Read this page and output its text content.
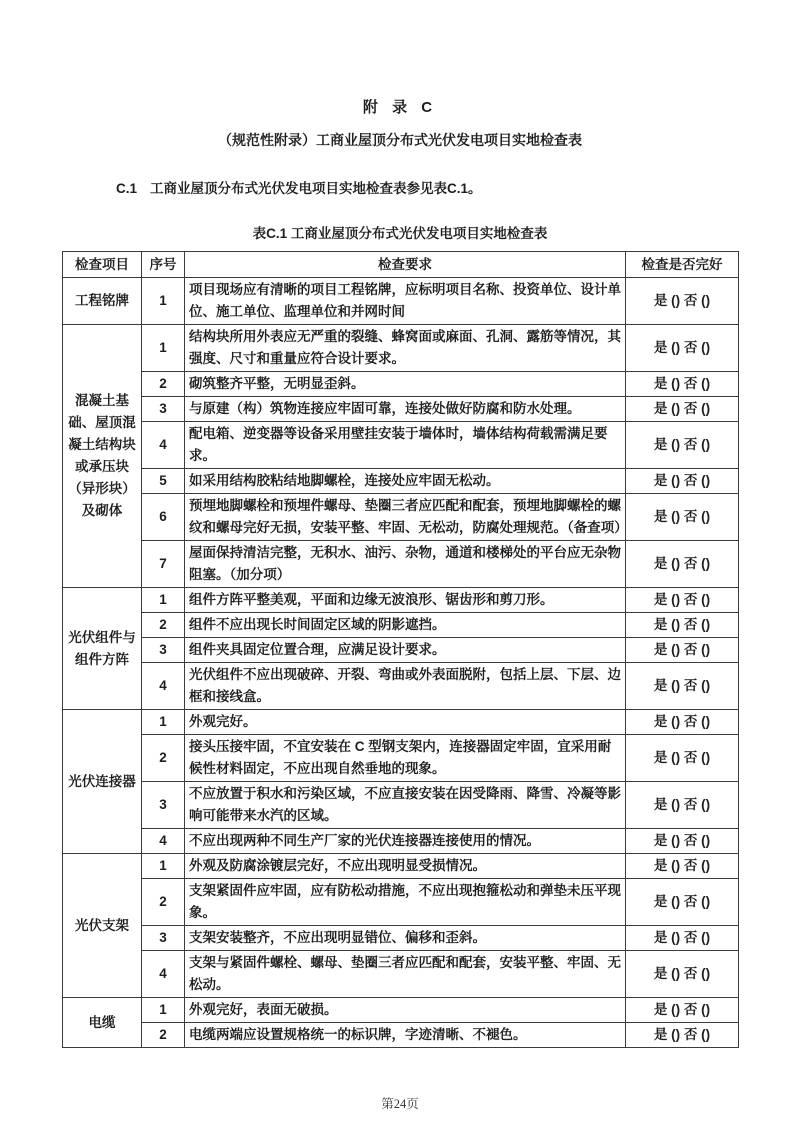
附 录 C
（规范性附录）工商业屋顶分布式光伏发电项目实地检查表
C.1 工商业屋顶分布式光伏发电项目实地检查表参见表C.1。
表C.1 工商业屋顶分布式光伏发电项目实地检查表
检查项目	序号	检查要求	检查是否完好
工程铭牌	1	项目现场应有清晰的项目工程铭牌，应标明项目名称、投资单位、设计单位、施工单位、监理单位和并网时间	是 () 否 ()
混凝土基础、屋顶混凝土结构块或承压块（异形块）及砌体	1	结构块所用外表应无严重的裂缝、蜂窝面或麻面、孔洞、露筋等情况，其强度、尺寸和重量应符合设计要求。	是 () 否 ()
	2	砌筑整齐平整，无明显歪斜。	是 () 否 ()
	3	与原建（构）筑物连接应牢固可靠，连接处做好防腐和防水处理。	是 () 否 ()
	4	配电箱、逆变器等设备采用壁挂安装于墙体时，墙体结构荷载需满足要求。	是 () 否 ()
	5	如采用结构胶粘结地脚螺栓，连接处应牢固无松动。	是 () 否 ()
	6	预埋地脚螺栓和预埋件螺母、垫圈三者应匹配和配套，预埋地脚螺栓的螺纹和螺母完好无损，安装平整、牢固、无松动，防腐处理规范。（备查项）	是 () 否 ()
	7	屋面保持清洁完整，无积水、油污、杂物，通道和楼梯处的平台应无杂物阻塞。（加分项）	是 () 否 ()
光伏组件与组件方阵	1	组件方阵平整美观，平面和边缘无波浪形、锯齿形和剪刀形。	是 () 否 ()
	2	组件不应出现长时间固定区域的阴影遮挡。	是 () 否 ()
	3	组件夹具固定位置合理，应满足设计要求。	是 () 否 ()
	4	光伏组件不应出现破碎、开裂、弯曲或外表面脱附，包括上层、下层、边框和接线盒。	是 () 否 ()
光伏连接器	1	外观完好。	是 () 否 ()
	2	接头压接牢固，不宜安装在 C 型钢支架内，连接器固定牢固，宜采用耐候性材料固定，不应出现自然垂地的现象。	是 () 否 ()
	3	不应放置于积水和污染区域，不应直接安装在因受降雨、降雪、冷凝等影响可能带来水汽的区域。	是 () 否 ()
	4	不应出现两种不同生产厂家的光伏连接器连接使用的情况。	是 () 否 ()
光伏支架	1	外观及防腐涂镀层完好，不应出现明显受损情况。	是 () 否 ()
	2	支架紧固件应牢固，应有防松动措施，不应出现抱箍松动和弹垫未压平现象。	是 () 否 ()
	3	支架安装整齐，不应出现明显错位、偏移和歪斜。	是 () 否 ()
	4	支架与紧固件螺栓、螺母、垫圈三者应匹配和配套，安装平整、牢固、无松动。	是 () 否 ()
电缆	1	外观完好，表面无破损。	是 () 否 ()
	2	电缆两端应设置规格统一的标识牌，字迹清晰、不褪色。	是 () 否 ()
第24页
